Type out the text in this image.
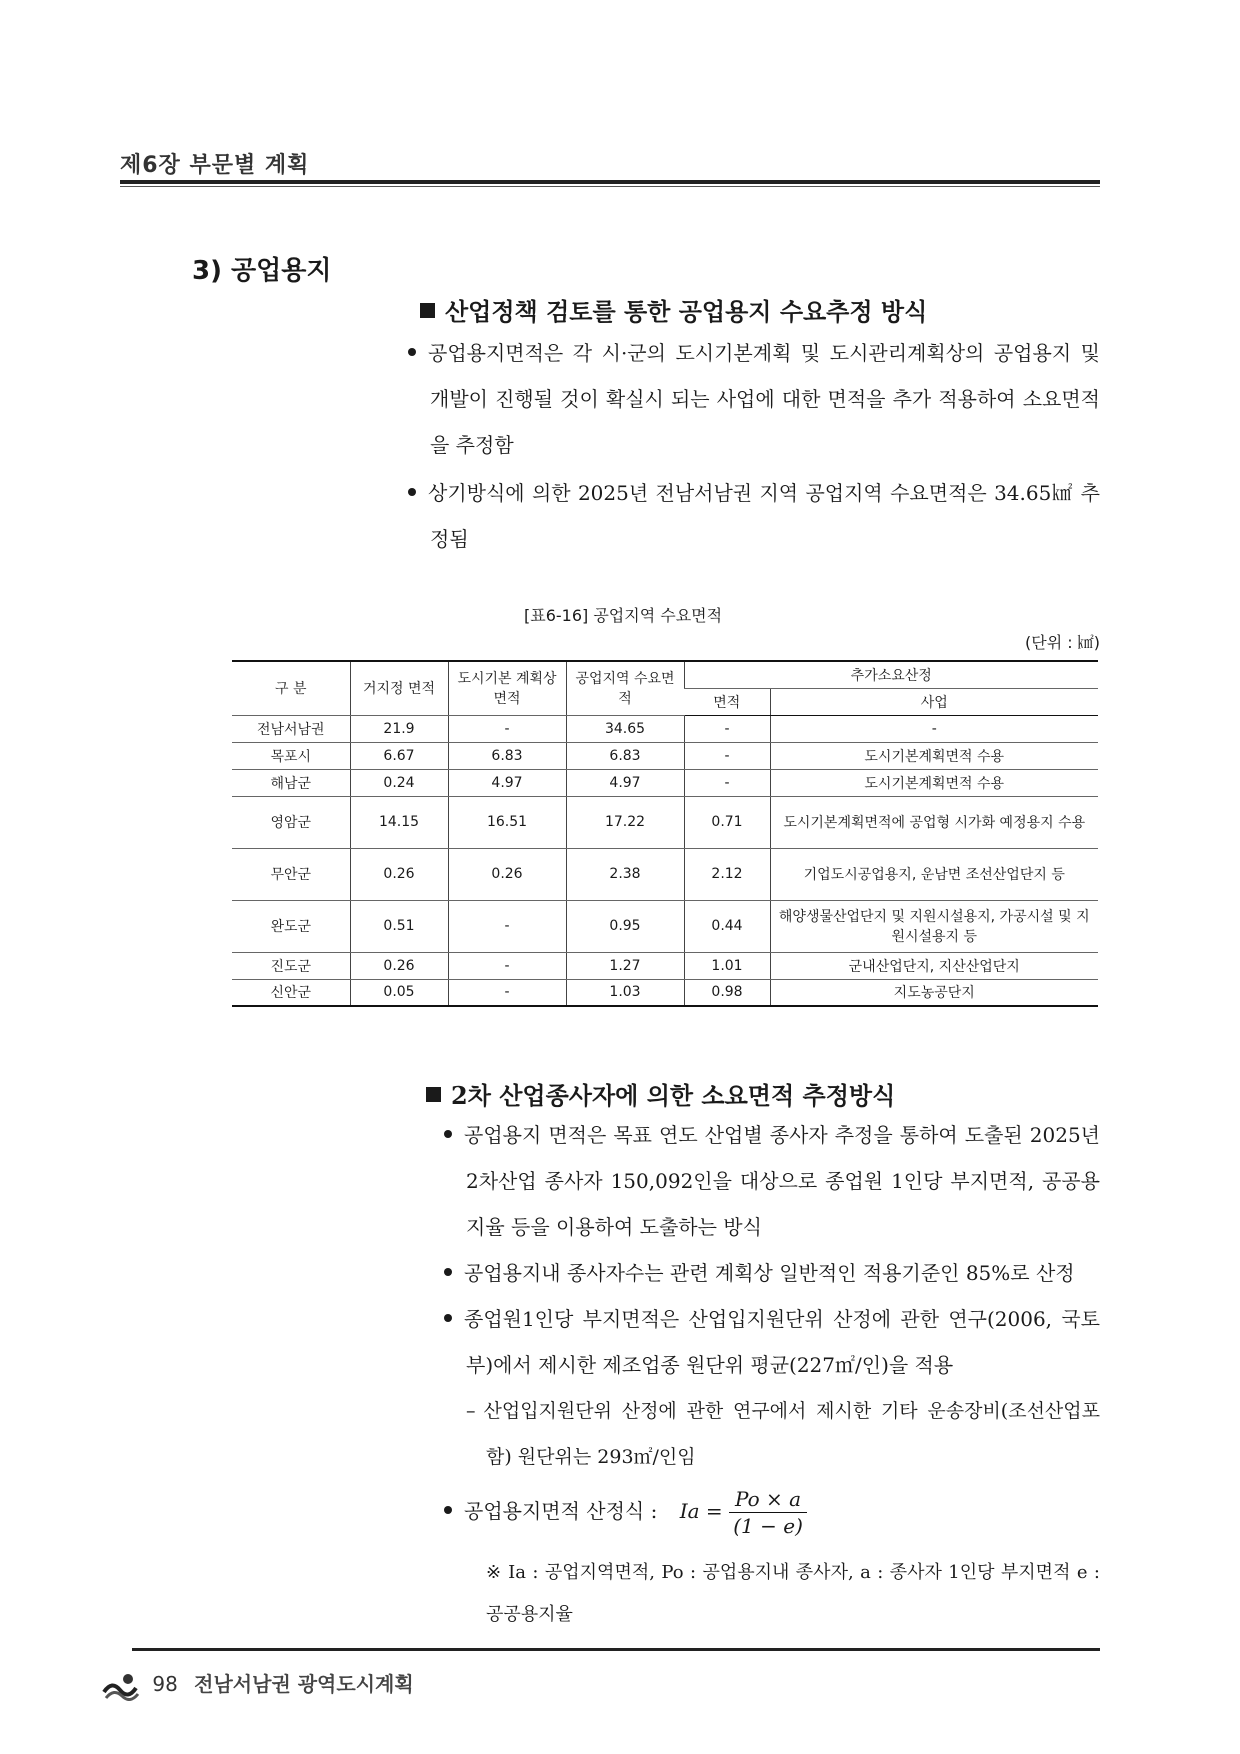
제6장 부문별 계획
3) 공업용지
산업정책 검토를 통한 공업용지 수요추정 방식
공업용지면적은 각 시·군의 도시기본계획 및 도시관리계획상의 공업용지 및 개발이 진행될 것이 확실시 되는 사업에 대한 면적을 추가 적용하여 소요면적을 추정함
상기방식에 의한 2025년 전남서남권 지역 공업지역 수요면적은 34.65㎢ 추정됨
[표6-16] 공업지역 수요면적
(단위 : ㎢)
구 분	거지정 면적	도시기본 계획상면적	공업지역 수요면적	추가소요산정	
				면적	사업
전남서남권	21.9	-	34.65	-	-
목포시	6.67	6.83	6.83	-	도시기본계획면적 수용
해남군	0.24	4.97	4.97	-	도시기본계획면적 수용
영암군	14.15	16.51	17.22	0.71	도시기본계획면적에 공업형 시가화 예정용지 수용
무안군	0.26	0.26	2.38	2.12	기업도시공업용지, 운남면 조선산업단지 등
완도군	0.51	-	0.95	0.44	해양생물산업단지 및 지원시설용지, 가공시설 및 지원시설용지 등
진도군	0.26	-	1.27	1.01	군내산업단지, 지산산업단지
신안군	0.05	-	1.03	0.98	지도농공단지
2차 산업종사자에 의한 소요면적 추정방식
공업용지 면적은 목표 연도 산업별 종사자 추정을 통하여 도출된 2025년 2차산업 종사자 150,092인을 대상으로 종업원 1인당 부지면적, 공공용지율 등을 이용하여 도출하는 방식
공업용지내 종사자수는 관련 계획상 일반적인 적용기준인 85%로 산정
종업원1인당 부지면적은 산업입지원단위 산정에 관한 연구(2006, 국토부)에서 제시한 제조업종 원단위 평균(227㎡/인)을 적용
– 산업입지원단위 산정에 관한 연구에서 제시한 기타 운송장비(조선산업포함) 원단위는 293㎡/인임
공업용지면적 산정식 : $Ia = \frac{Po \times a}{(1 - e)}$
※ Ia : 공업지역면적, Po : 공업용지내 종사자, a : 종사자 1인당 부지면적 e : 공공용지율
98 전남서남권 광역도시계획
